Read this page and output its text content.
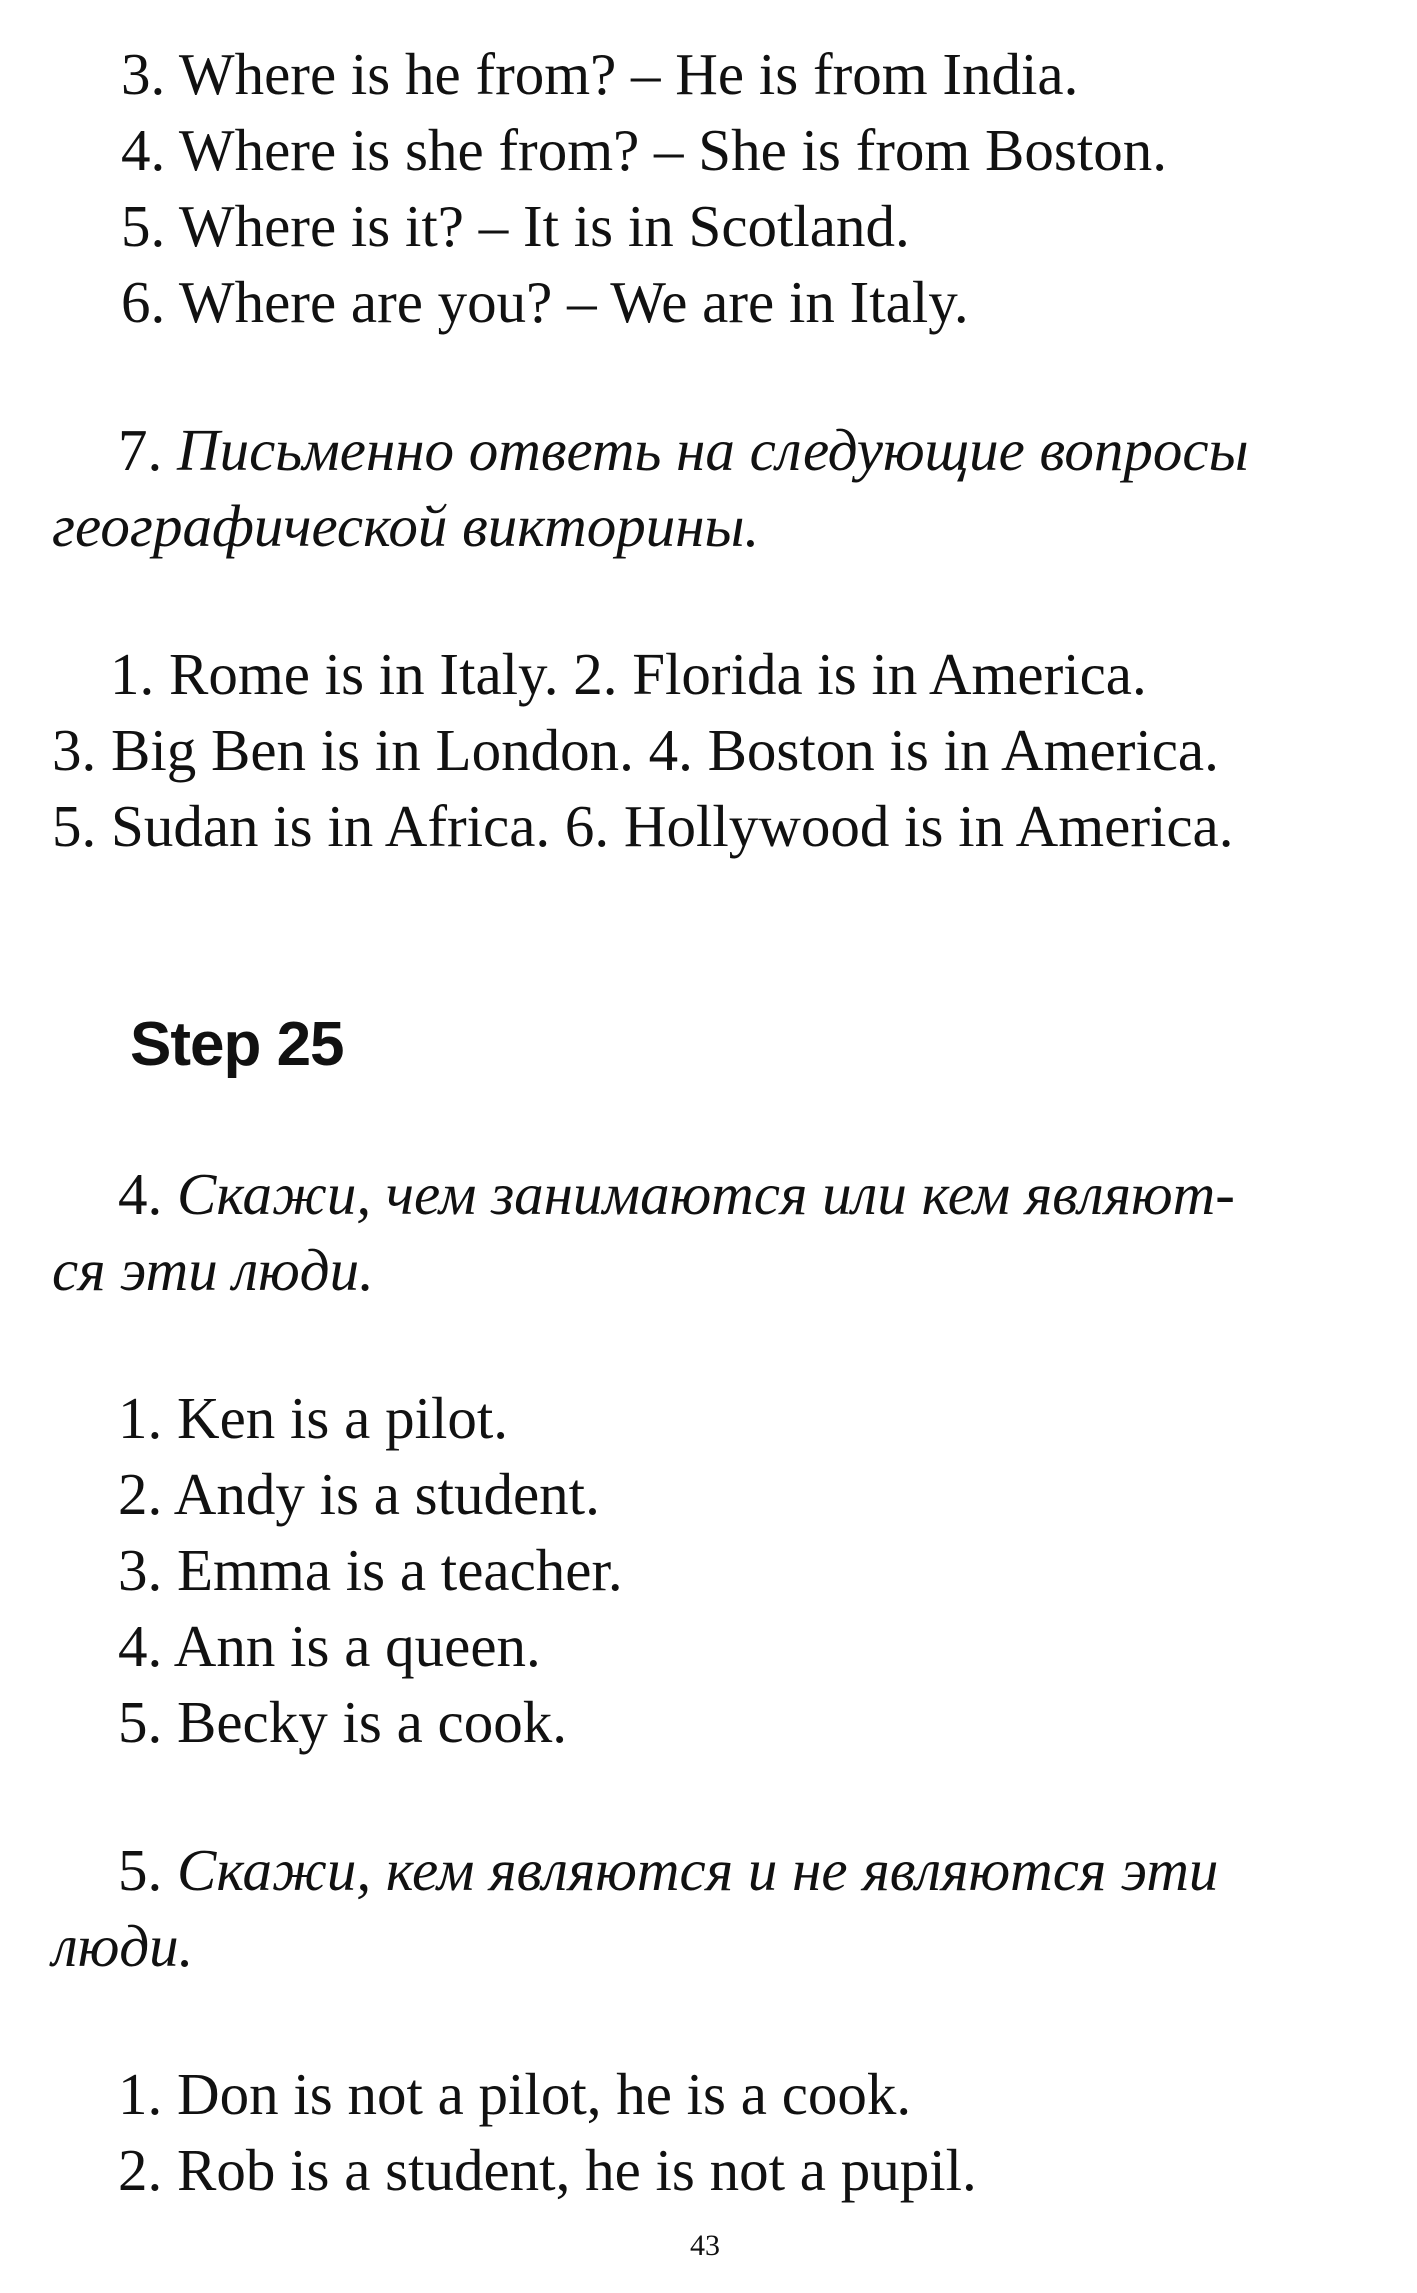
3. Where is he from? – He is from India.
4. Where is she from? – She is from Boston.
5. Where is it? – It is in Scotland.
6. Where are you? – We are in Italy.
7. Письменно ответь на следующие вопросы
географической викторины.
1. Rome is in Italy. 2. Florida is in America.
3. Big Ben is in London. 4. Boston is in America.
5. Sudan is in Africa. 6. Hollywood is in America.
Step 25
4. Скажи, чем занимаются или кем являют-
ся эти люди.
1. Ken is a pilot.
2. Andy is a student.
3. Emma is a teacher.
4. Ann is a queen.
5. Becky is a cook.
5. Скажи, кем являются и не являются эти
люди.
1. Don is not a pilot, he is a cook.
2. Rob is a student, he is not a pupil.
43
